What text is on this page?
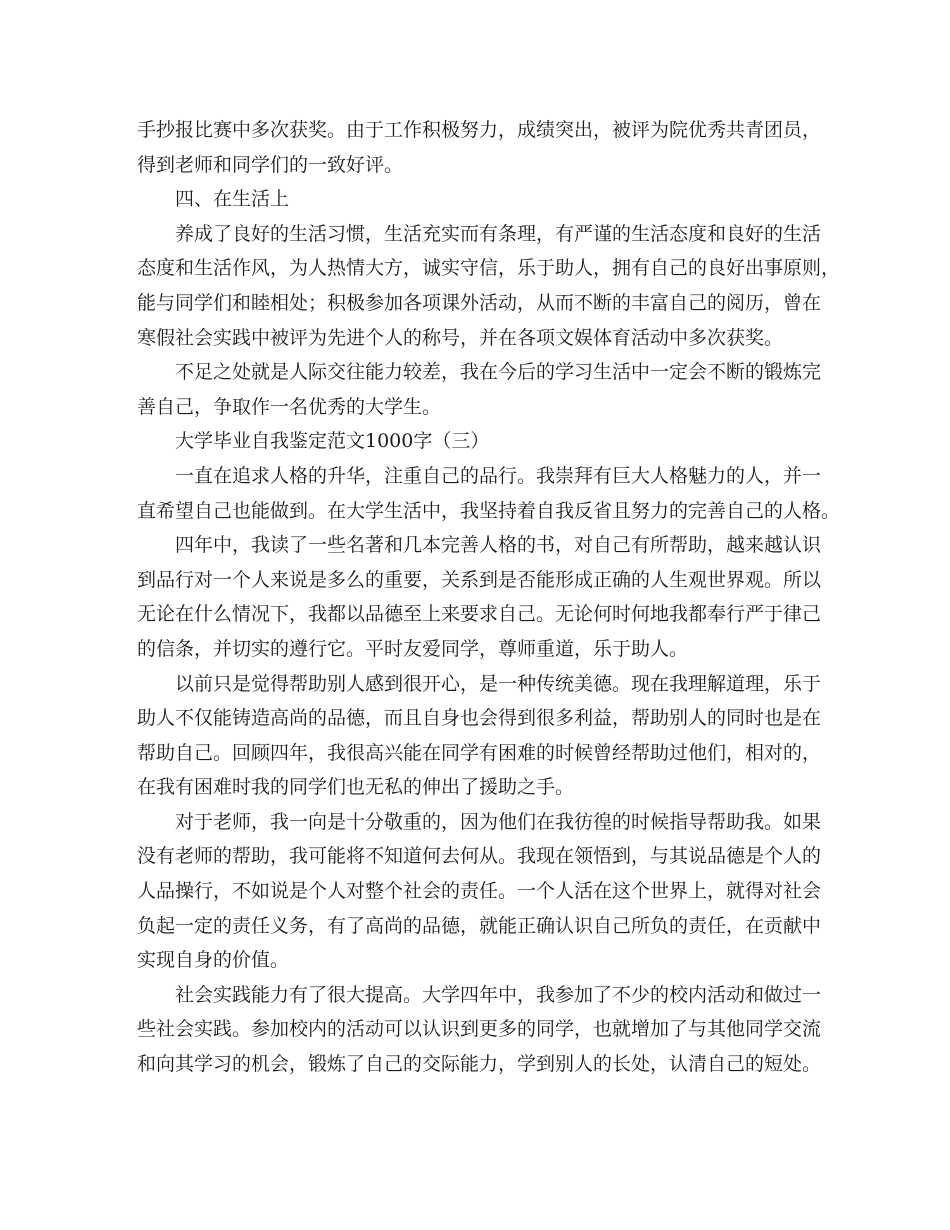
手抄报比赛中多次获奖。由于工作积极努力，成绩突出，被评为院优秀共青团员，
得到老师和同学们的一致好评。
四、在生活上
养成了良好的生活习惯，生活充实而有条理，有严谨的生活态度和良好的生活
态度和生活作风，为人热情大方，诚实守信，乐于助人，拥有自己的良好出事原则，
能与同学们和睦相处；积极参加各项课外活动，从而不断的丰富自己的阅历，曾在
寒假社会实践中被评为先进个人的称号，并在各项文娱体育活动中多次获奖。
不足之处就是人际交往能力较差，我在今后的学习生活中一定会不断的锻炼完
善自己，争取作一名优秀的大学生。
大学毕业自我鉴定范文1000字（三）
一直在追求人格的升华，注重自己的品行。我崇拜有巨大人格魅力的人，并一
直希望自己也能做到。在大学生活中，我坚持着自我反省且努力的完善自己的人格。
四年中，我读了一些名著和几本完善人格的书，对自己有所帮助，越来越认识
到品行对一个人来说是多么的重要，关系到是否能形成正确的人生观世界观。所以
无论在什么情况下，我都以品德至上来要求自己。无论何时何地我都奉行严于律己
的信条，并切实的遵行它。平时友爱同学，尊师重道，乐于助人。
以前只是觉得帮助别人感到很开心，是一种传统美德。现在我理解道理，乐于
助人不仅能铸造高尚的品德，而且自身也会得到很多利益，帮助别人的同时也是在
帮助自己。回顾四年，我很高兴能在同学有困难的时候曾经帮助过他们，相对的，
在我有困难时我的同学们也无私的伸出了援助之手。
对于老师，我一向是十分敬重的，因为他们在我彷徨的时候指导帮助我。如果
没有老师的帮助，我可能将不知道何去何从。我现在领悟到，与其说品德是个人的
人品操行，不如说是个人对整个社会的责任。一个人活在这个世界上，就得对社会
负起一定的责任义务，有了高尚的品德，就能正确认识自己所负的责任，在贡献中
实现自身的价值。
社会实践能力有了很大提高。大学四年中，我参加了不少的校内活动和做过一
些社会实践。参加校内的活动可以认识到更多的同学，也就增加了与其他同学交流
和向其学习的机会，锻炼了自己的交际能力，学到别人的长处，认清自己的短处。
